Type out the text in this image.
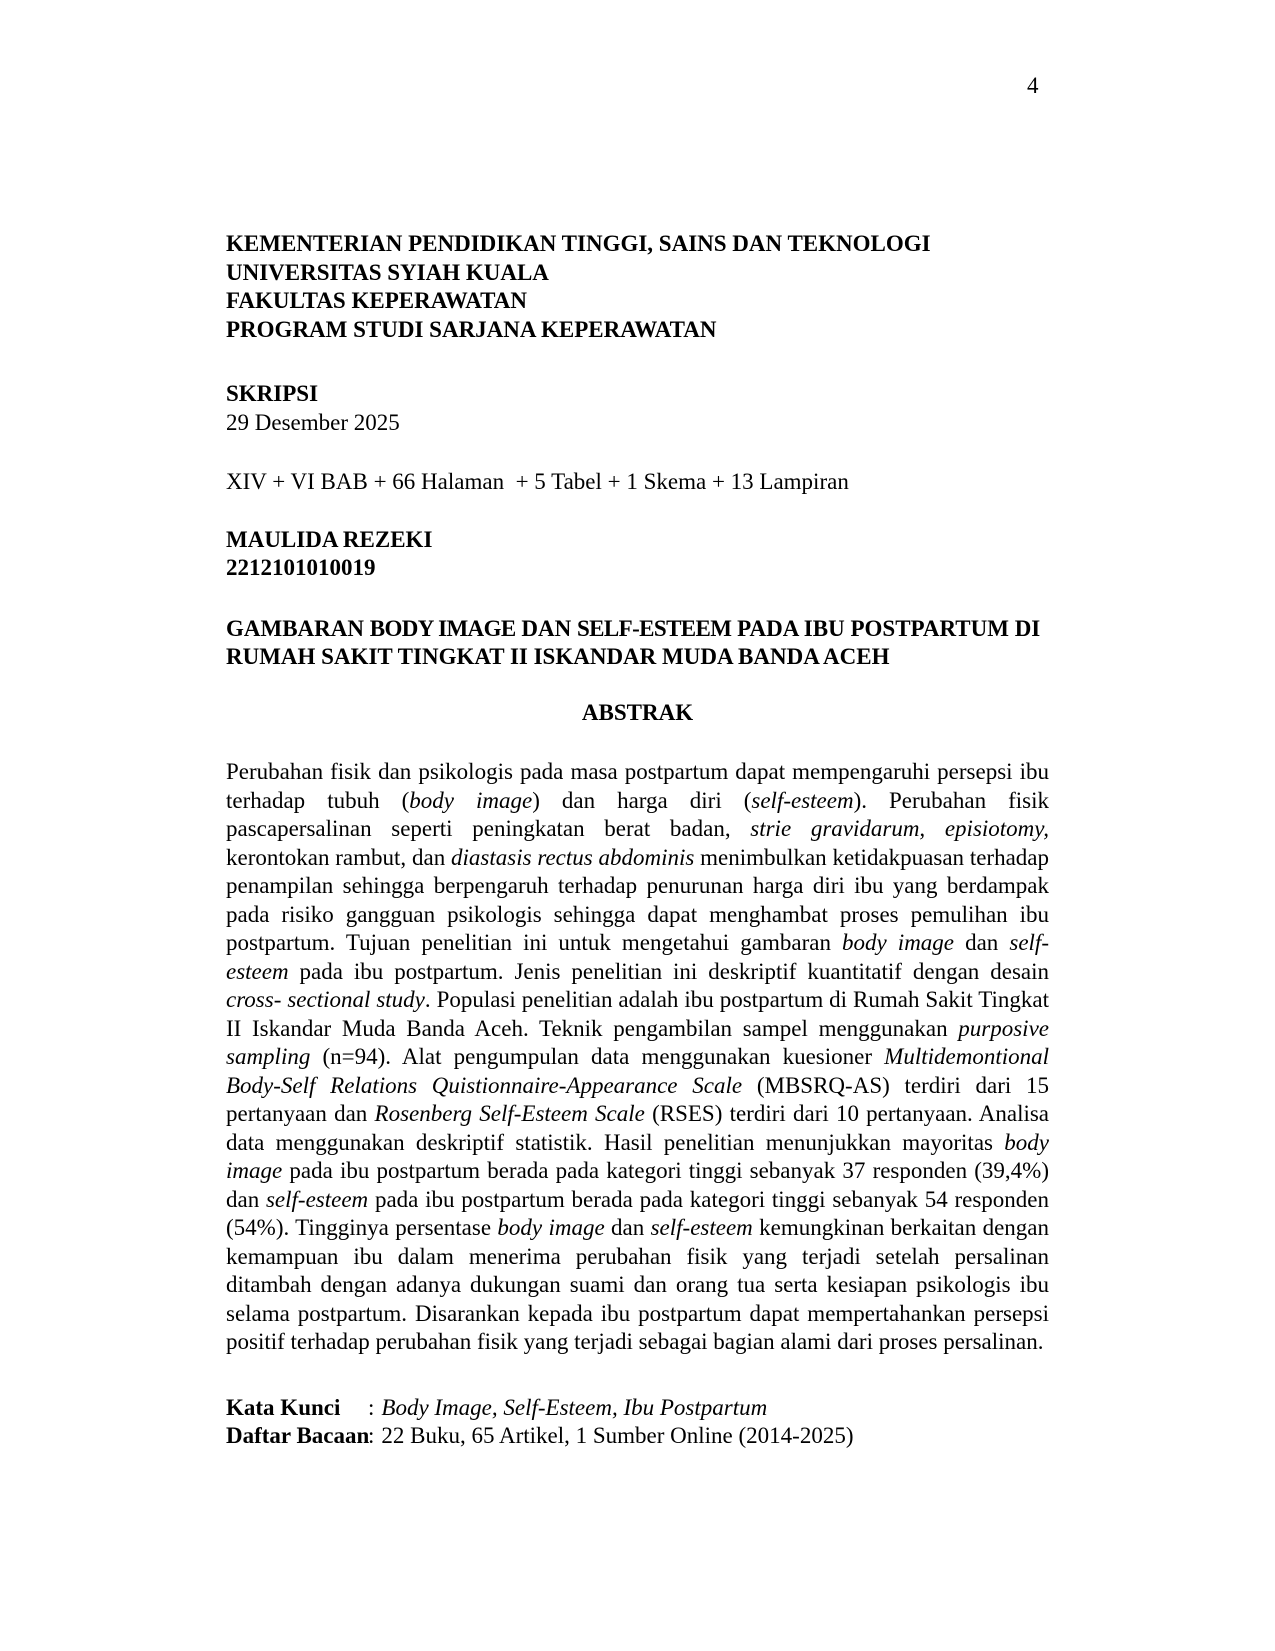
4
KEMENTERIAN PENDIDIKAN TINGGI, SAINS DAN TEKNOLOGI
UNIVERSITAS SYIAH KUALA
FAKULTAS KEPERAWATAN
PROGRAM STUDI SARJANA KEPERAWATAN
SKRIPSI
29 Desember 2025
XIV + VI BAB + 66 Halaman  + 5 Tabel + 1 Skema + 13 Lampiran
MAULIDA REZEKI
2212101010019
GAMBARAN BODY IMAGE DAN SELF-ESTEEM PADA IBU POSTPARTUM DI RUMAH SAKIT TINGKAT II ISKANDAR MUDA BANDA ACEH
ABSTRAK

Perubahan fisik dan psikologis pada masa postpartum dapat mempengaruhi persepsi ibu terhadap tubuh (body image) dan harga diri (self-esteem). Perubahan fisik pascapersalinan seperti peningkatan berat badan, strie gravidarum, episiotomy, kerontokan rambut, dan diastasis rectus abdominis menimbulkan ketidakpuasan terhadap penampilan sehingga berpengaruh terhadap penurunan harga diri ibu yang berdampak pada risiko gangguan psikologis sehingga dapat menghambat proses pemulihan ibu postpartum. Tujuan penelitian ini untuk mengetahui gambaran body image dan self-esteem pada ibu postpartum. Jenis penelitian ini deskriptif kuantitatif dengan desain cross- sectional study. Populasi penelitian adalah ibu postpartum di Rumah Sakit Tingkat II Iskandar Muda Banda Aceh. Teknik pengambilan sampel menggunakan purposive sampling (n=94). Alat pengumpulan data menggunakan kuesioner Multidemontional Body-Self Relations Quistionnaire-Appearance Scale (MBSRQ-AS) terdiri dari 15 pertanyaan dan Rosenberg Self-Esteem Scale (RSES) terdiri dari 10 pertanyaan. Analisa data menggunakan deskriptif statistik. Hasil penelitian menunjukkan mayoritas body image pada ibu postpartum berada pada kategori tinggi sebanyak 37 responden (39,4%) dan self-esteem pada ibu postpartum berada pada kategori tinggi sebanyak 54 responden (54%). Tingginya persentase body image dan self-esteem kemungkinan berkaitan dengan kemampuan ibu dalam menerima perubahan fisik yang terjadi setelah persalinan ditambah dengan adanya dukungan suami dan orang tua serta kesiapan psikologis ibu selama postpartum. Disarankan kepada ibu postpartum dapat mempertahankan persepsi positif terhadap perubahan fisik yang terjadi sebagai bagian alami dari proses persalinan.

Kata Kunci : Body Image, Self-Esteem, Ibu Postpartum
Daftar Bacaan: 22 Buku, 65 Artikel, 1 Sumber Online (2014-2025)
